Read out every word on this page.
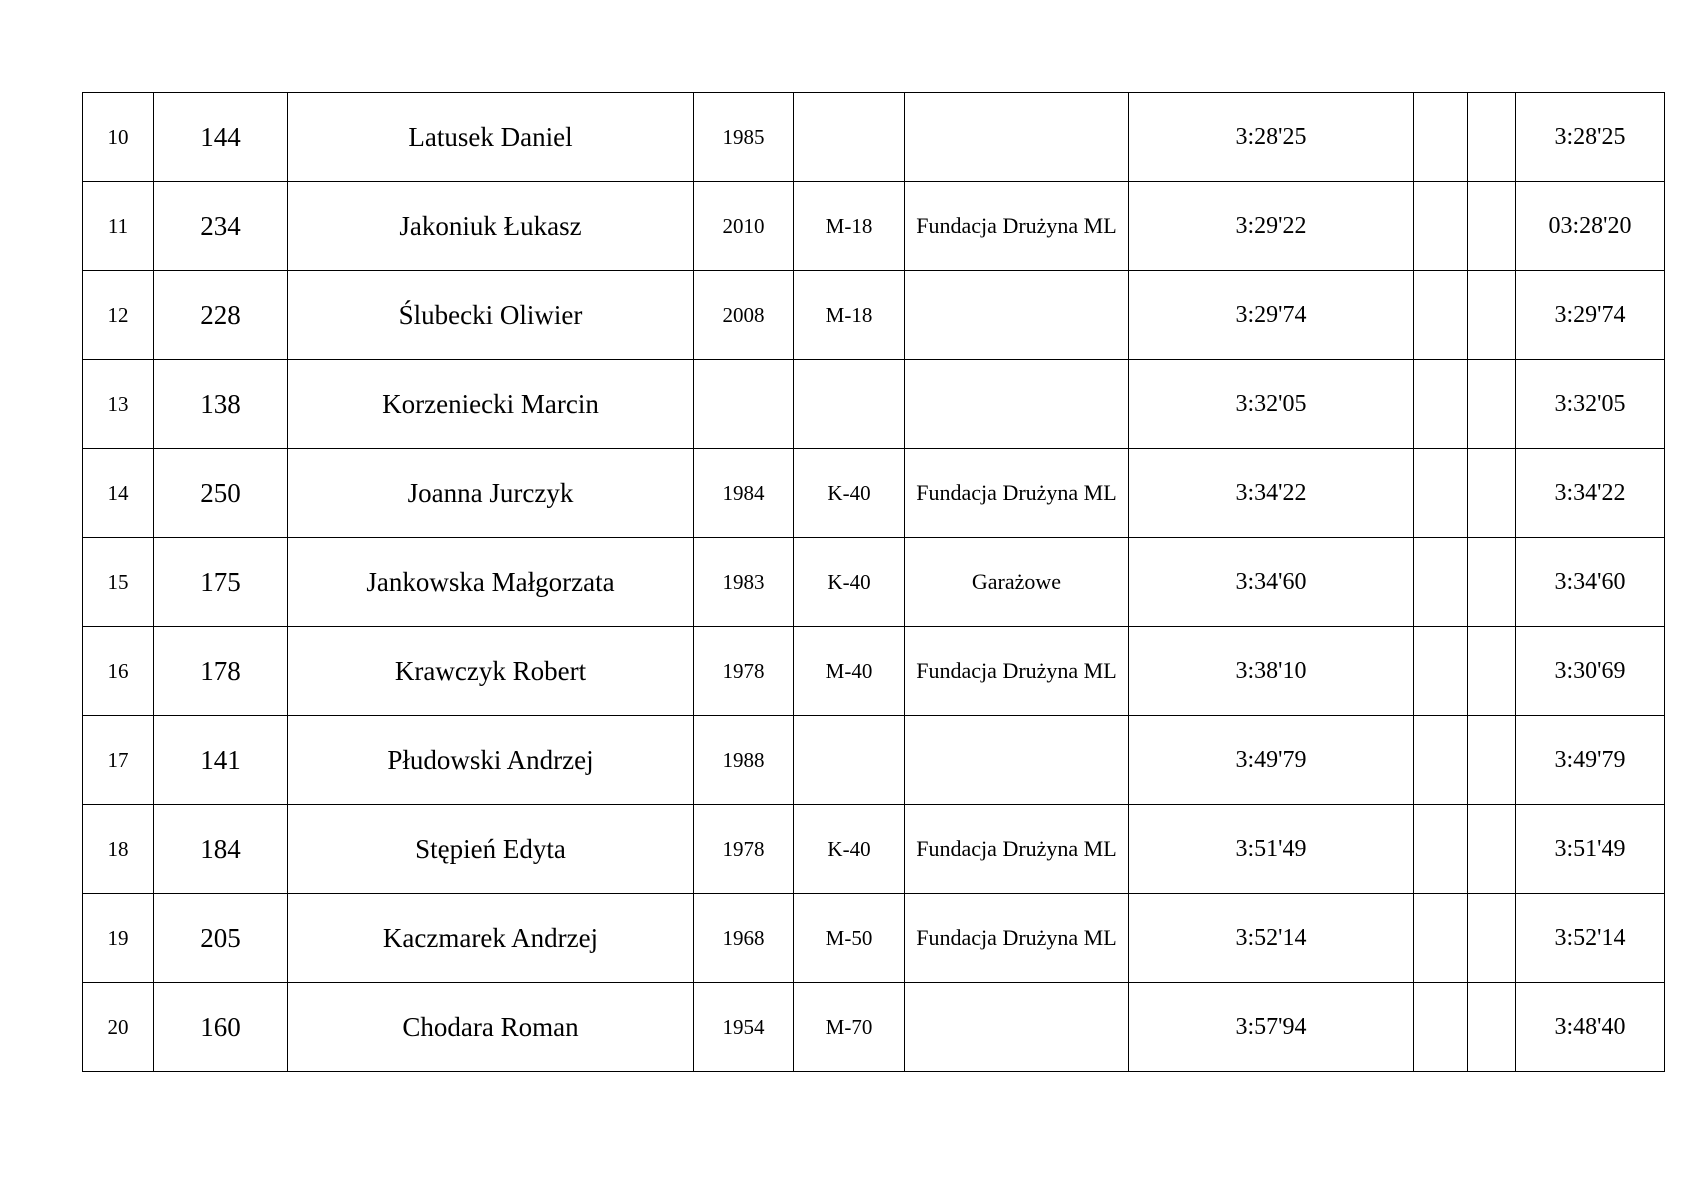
10	144	Latusek Daniel	1985			3:28'25			3:28'25
11	234	Jakoniuk Łukasz	2010	M-18	Fundacja Drużyna ML	3:29'22			03:28'20
12	228	Ślubecki Oliwier	2008	M-18		3:29'74			3:29'74
13	138	Korzeniecki Marcin				3:32'05			3:32'05
14	250	Joanna Jurczyk	1984	K-40	Fundacja Drużyna ML	3:34'22			3:34'22
15	175	Jankowska Małgorzata	1983	K-40	Garażowe	3:34'60			3:34'60
16	178	Krawczyk Robert	1978	M-40	Fundacja Drużyna ML	3:38'10			3:30'69
17	141	Płudowski Andrzej	1988			3:49'79			3:49'79
18	184	Stępień Edyta	1978	K-40	Fundacja Drużyna ML	3:51'49			3:51'49
19	205	Kaczmarek Andrzej	1968	M-50	Fundacja Drużyna ML	3:52'14			3:52'14
20	160	Chodara Roman	1954	M-70		3:57'94			3:48'40
